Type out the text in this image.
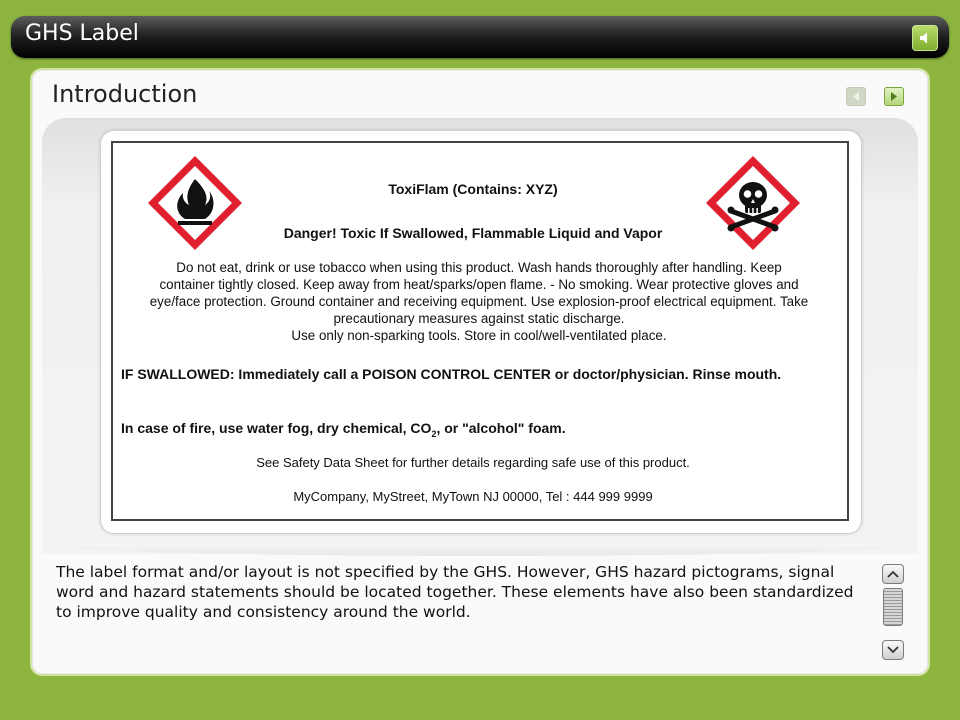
GHS Label
Introduction
ToxiFlam (Contains: XYZ)
Danger! Toxic If Swallowed, Flammable Liquid and Vapor
Do not eat, drink or use tobacco when using this product. Wash hands thoroughly after handling. Keep
container tightly closed. Keep away from heat/sparks/open flame. - No smoking. Wear protective gloves and
eye/face protection. Ground container and receiving equipment. Use explosion-proof electrical equipment. Take
precautionary measures against static discharge.
Use only non-sparking tools. Store in cool/well-ventilated place.
IF SWALLOWED: Immediately call a POISON CONTROL CENTER or doctor/physician. Rinse mouth.
In case of fire, use water fog, dry chemical, $CO_2$, or "alcohol" foam.
See Safety Data Sheet for further details regarding safe use of this product.
MyCompany, MyStreet, MyTown NJ 00000, Tel : 444 999 9999
The label format and/or layout is not specified by the GHS. However, GHS hazard pictograms, signal word and hazard statements should be located together. These elements have also been standardized to improve quality and consistency around the world.
